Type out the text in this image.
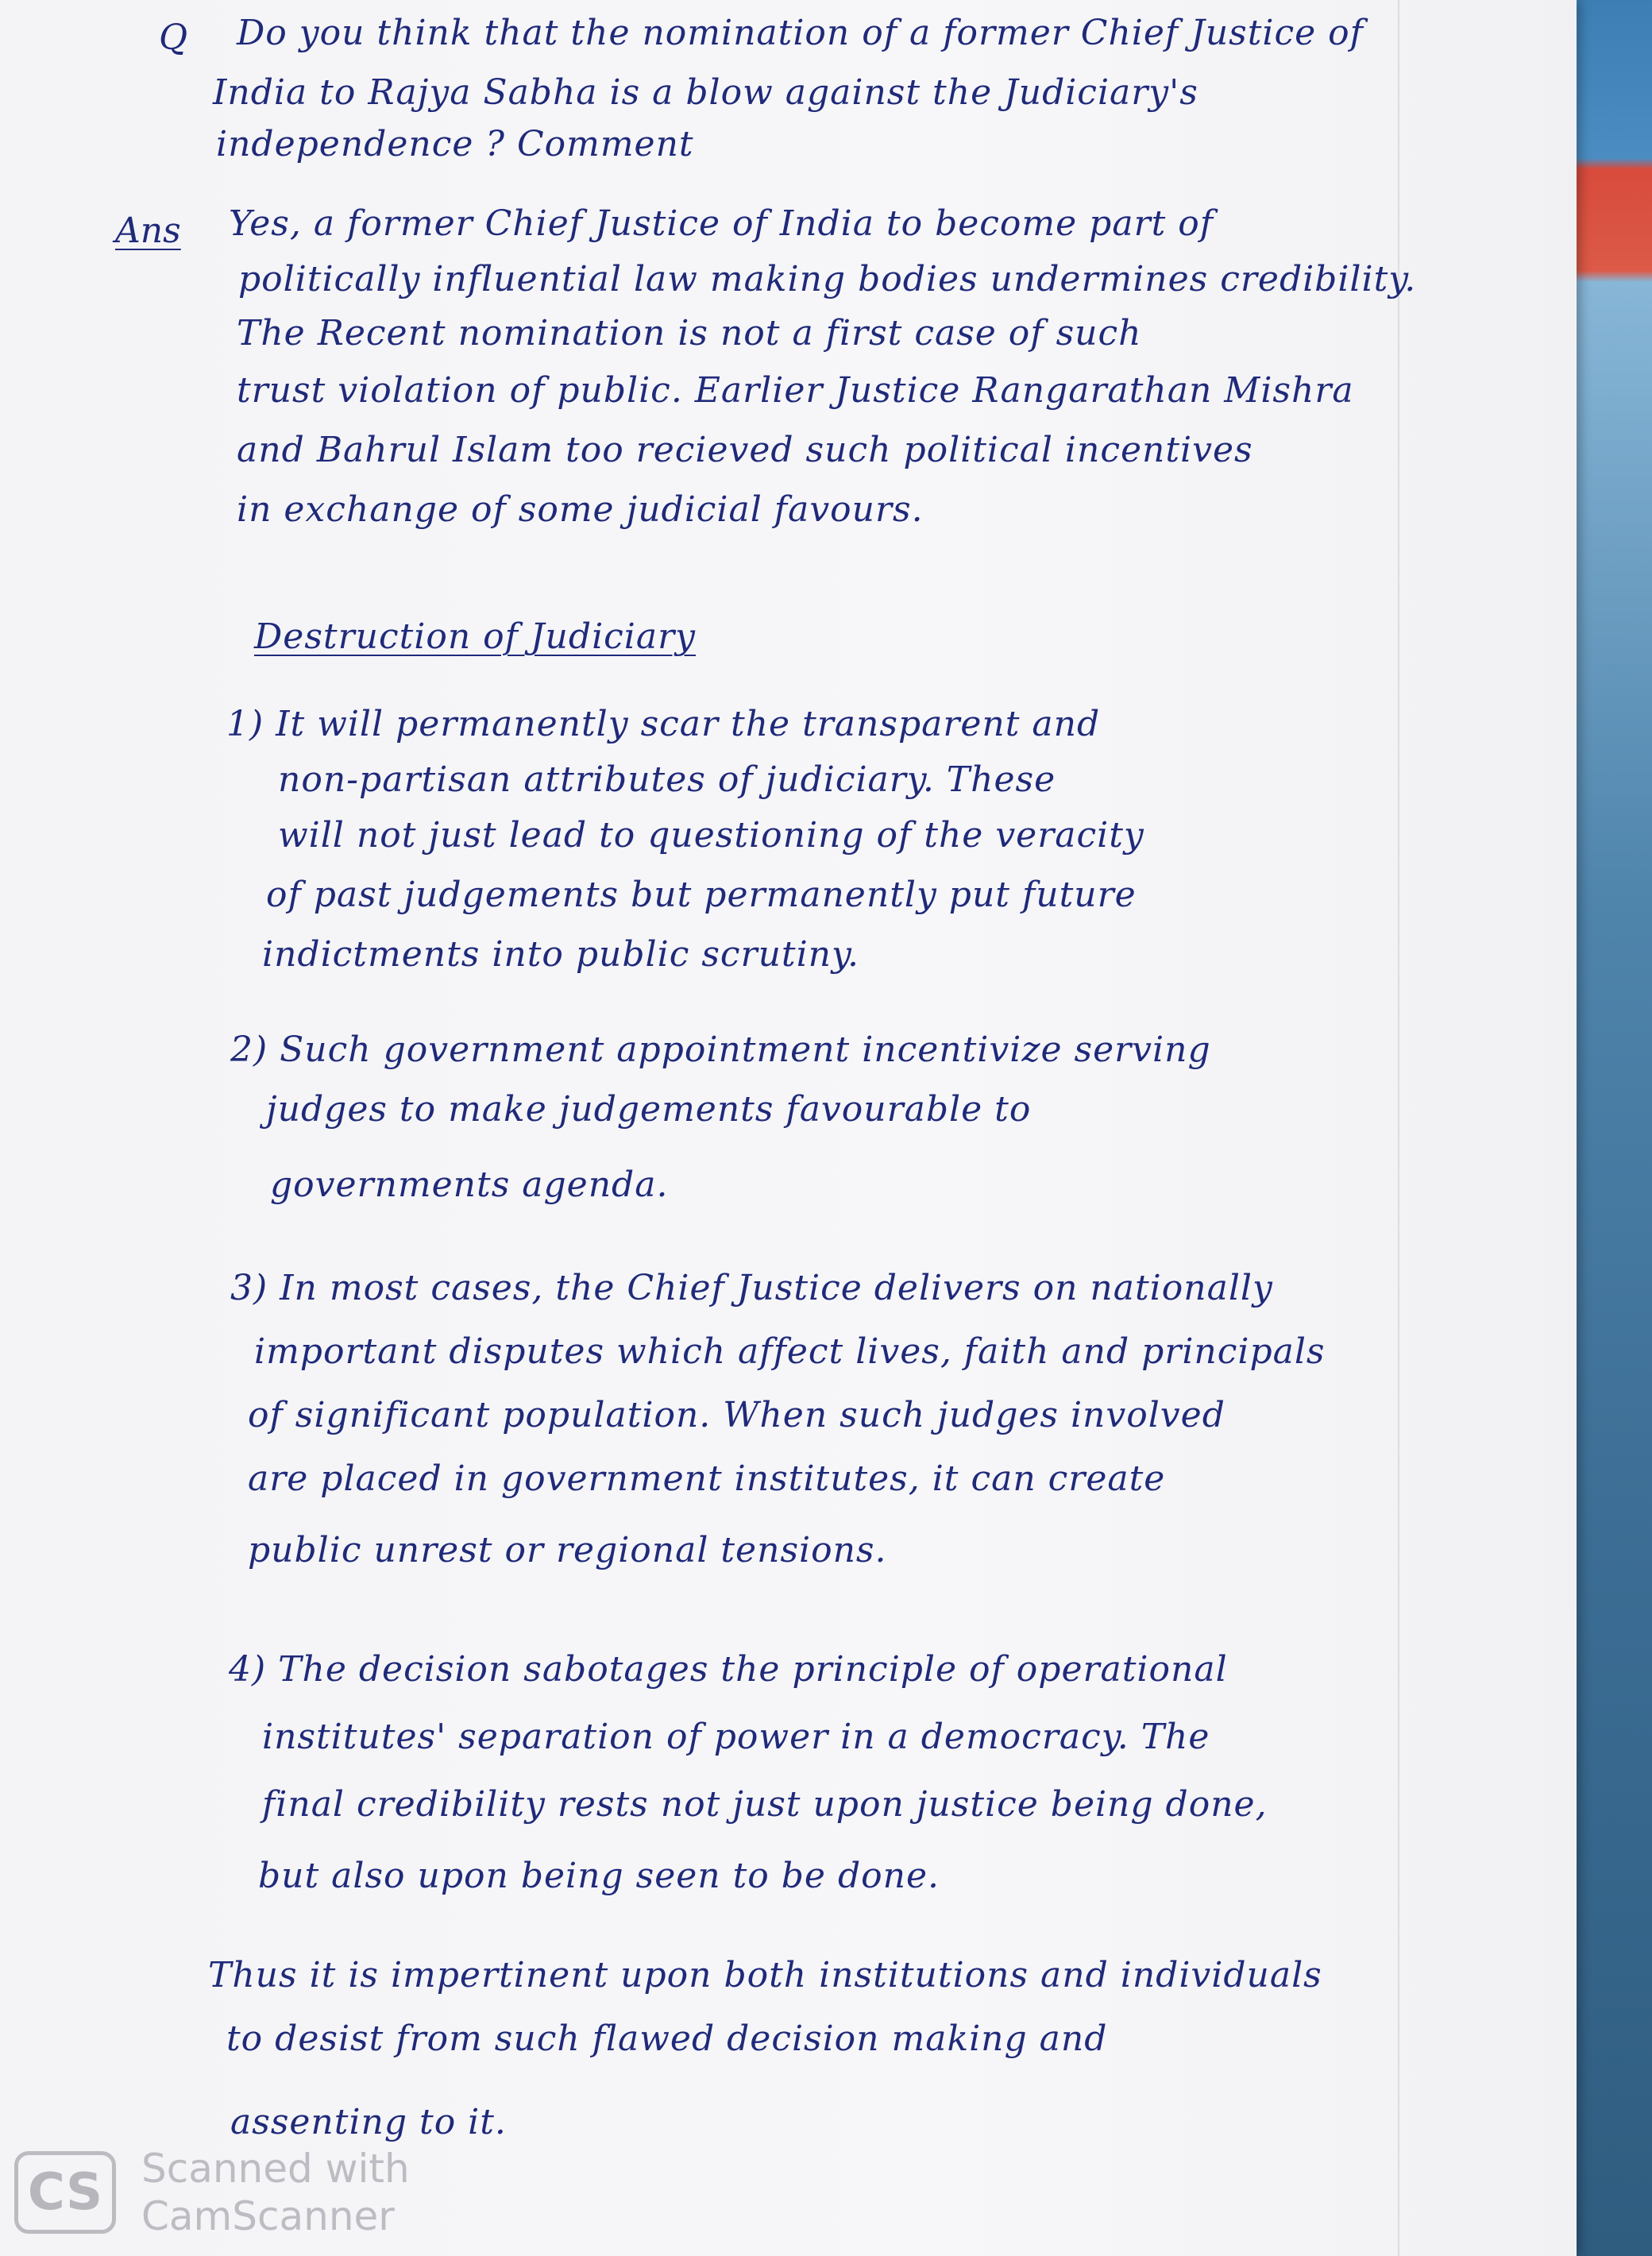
Q Do you think that the nomination of a former Chief Justice of
India to Rajya Sabha is a blow against the Judiciary's
independence ? Comment
Ans Yes, a former Chief Justice of India to become part of
politically influential law making bodies undermines credibility.
The Recent nomination is not a first case of such
trust violation of public. Earlier Justice Rangarathan Mishra
and Bahrul Islam too recieved such political incentives
in exchange of some judicial favours.
Destruction of Judiciary
1) It will permanently scar the transparent and
non-partisan attributes of judiciary. These
will not just lead to questioning of the veracity
of past judgements but permanently put future
indictments into public scrutiny.
2) Such government appointment incentivize serving
judges to make judgements favourable to
governments agenda.
3) In most cases, the Chief Justice delivers on nationally
important disputes which affect lives, faith and principals
of significant population. When such judges involved
are placed in government institutes, it can create
public unrest or regional tensions.
4) The decision sabotages the principle of operational
institutes' separation of power in a democracy. The
final credibility rests not just upon justice being done,
but also upon being seen to be done.
Thus it is impertinent upon both institutions and individuals
to desist from such flawed decision making and
assenting to it.
CS Scanned with
CamScanner
